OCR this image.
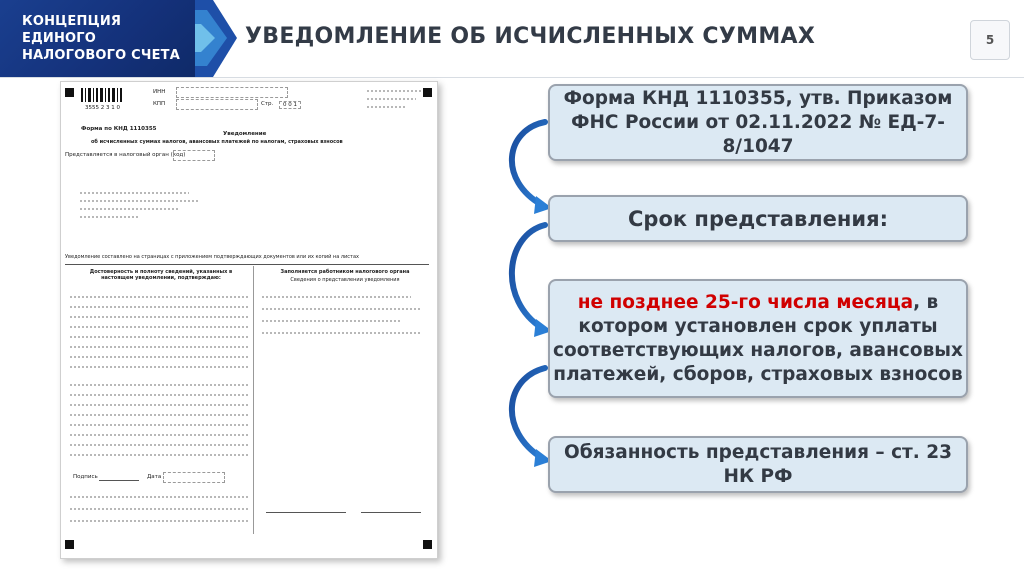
КОНЦЕПЦИЯ
ЕДИНОГО
НАЛОГОВОГО СЧЕТА
УВЕДОМЛЕНИЕ ОБ ИСЧИСЛЕННЫХ СУММАХ	5
3555 2 3 1 0
ИНН
КПП	Стр.	0 0 1
Форма по КНД 1110355
Уведомление
об исчисленных суммах налогов, авансовых платежей по налогам, страховых взносов
Представляется в налоговый орган (код)
Уведомление составлено на страницах с приложением подтверждающих документов или их копий на листах
Достоверность и полноту сведений, указанных в настоящем уведомлении, подтверждаю:
Заполняется работником налогового органа
Сведения о представлении уведомления
Подпись	Дата
Форма КНД 1110355, утв. Приказом ФНС России от 02.11.2022 № ЕД-7-8/1047
Срок представления:
не позднее 25-го числа месяца, в котором установлен срок уплаты соответствующих налогов, авансовых платежей, сборов, страховых взносов
Обязанность представления – ст. 23 НК РФ
